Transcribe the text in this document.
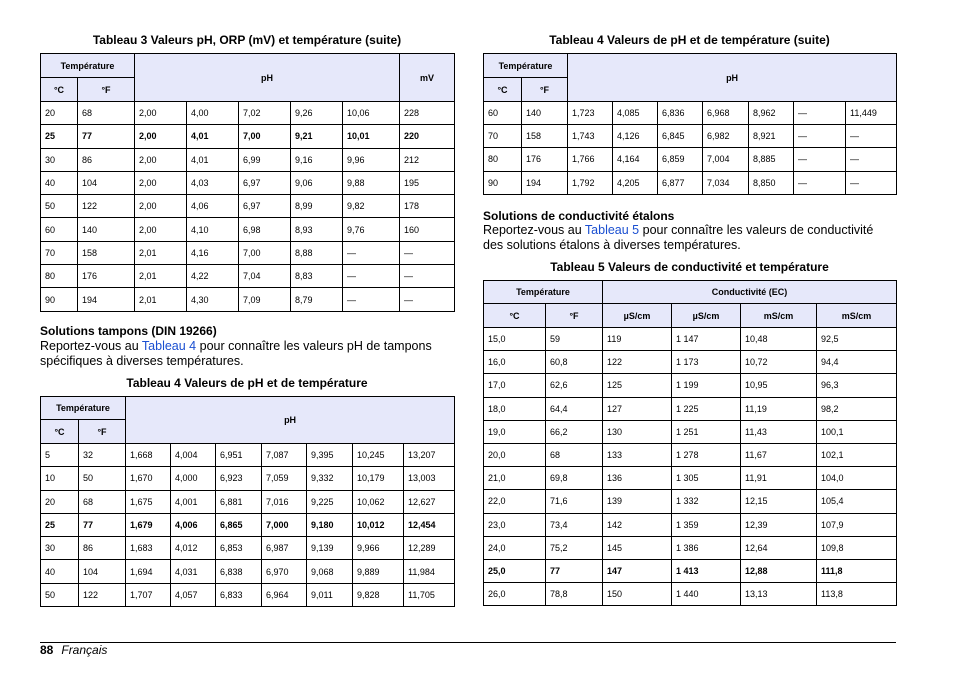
Tableau 3 Valeurs pH, ORP (mV) et température (suite)
Température		pH					mV
°C	°F						
20	68	2,00	4,00	7,02	9,26	10,06	228
25	77	2,00	4,01	7,00	9,21	10,01	220
30	86	2,00	4,01	6,99	9,16	9,96	212
40	104	2,00	4,03	6,97	9,06	9,88	195
50	122	2,00	4,06	6,97	8,99	9,82	178
60	140	2,00	4,10	6,98	8,93	9,76	160
70	158	2,01	4,16	7,00	8,88	—	—
80	176	2,01	4,22	7,04	8,83	—	—
90	194	2,01	4,30	7,09	8,79	—	—
Solutions tampons (DIN 19266)
Reportez-vous au Tableau 4 pour connaître les valeurs pH de tampons
spécifiques à diverses températures.
Tableau 4 Valeurs de pH et de température
Température		pH						
°C	°F							
5	32	1,668	4,004	6,951	7,087	9,395	10,245	13,207
10	50	1,670	4,000	6,923	7,059	9,332	10,179	13,003
20	68	1,675	4,001	6,881	7,016	9,225	10,062	12,627
25	77	1,679	4,006	6,865	7,000	9,180	10,012	12,454
30	86	1,683	4,012	6,853	6,987	9,139	9,966	12,289
40	104	1,694	4,031	6,838	6,970	9,068	9,889	11,984
50	122	1,707	4,057	6,833	6,964	9,011	9,828	11,705
Tableau 4 Valeurs de pH et de température (suite)
Température		pH						
°C	°F							
60	140	1,723	4,085	6,836	6,968	8,962	—	11,449
70	158	1,743	4,126	6,845	6,982	8,921	—	—
80	176	1,766	4,164	6,859	7,004	8,885	—	—
90	194	1,792	4,205	6,877	7,034	8,850	—	—
Solutions de conductivité étalons
Reportez-vous au Tableau 5 pour connaître les valeurs de conductivité
des solutions étalons à diverses températures.
Tableau 5 Valeurs de conductivité et température
Température		Conductivité (EC)			
°C	°F	µS/cm	µS/cm	mS/cm	mS/cm
15,0	59	119	1 147	10,48	92,5
16,0	60,8	122	1 173	10,72	94,4
17,0	62,6	125	1 199	10,95	96,3
18,0	64,4	127	1 225	11,19	98,2
19,0	66,2	130	1 251	11,43	100,1
20,0	68	133	1 278	11,67	102,1
21,0	69,8	136	1 305	11,91	104,0
22,0	71,6	139	1 332	12,15	105,4
23,0	73,4	142	1 359	12,39	107,9
24,0	75,2	145	1 386	12,64	109,8
25,0	77	147	1 413	12,88	111,8
26,0	78,8	150	1 440	13,13	113,8
88 Français
